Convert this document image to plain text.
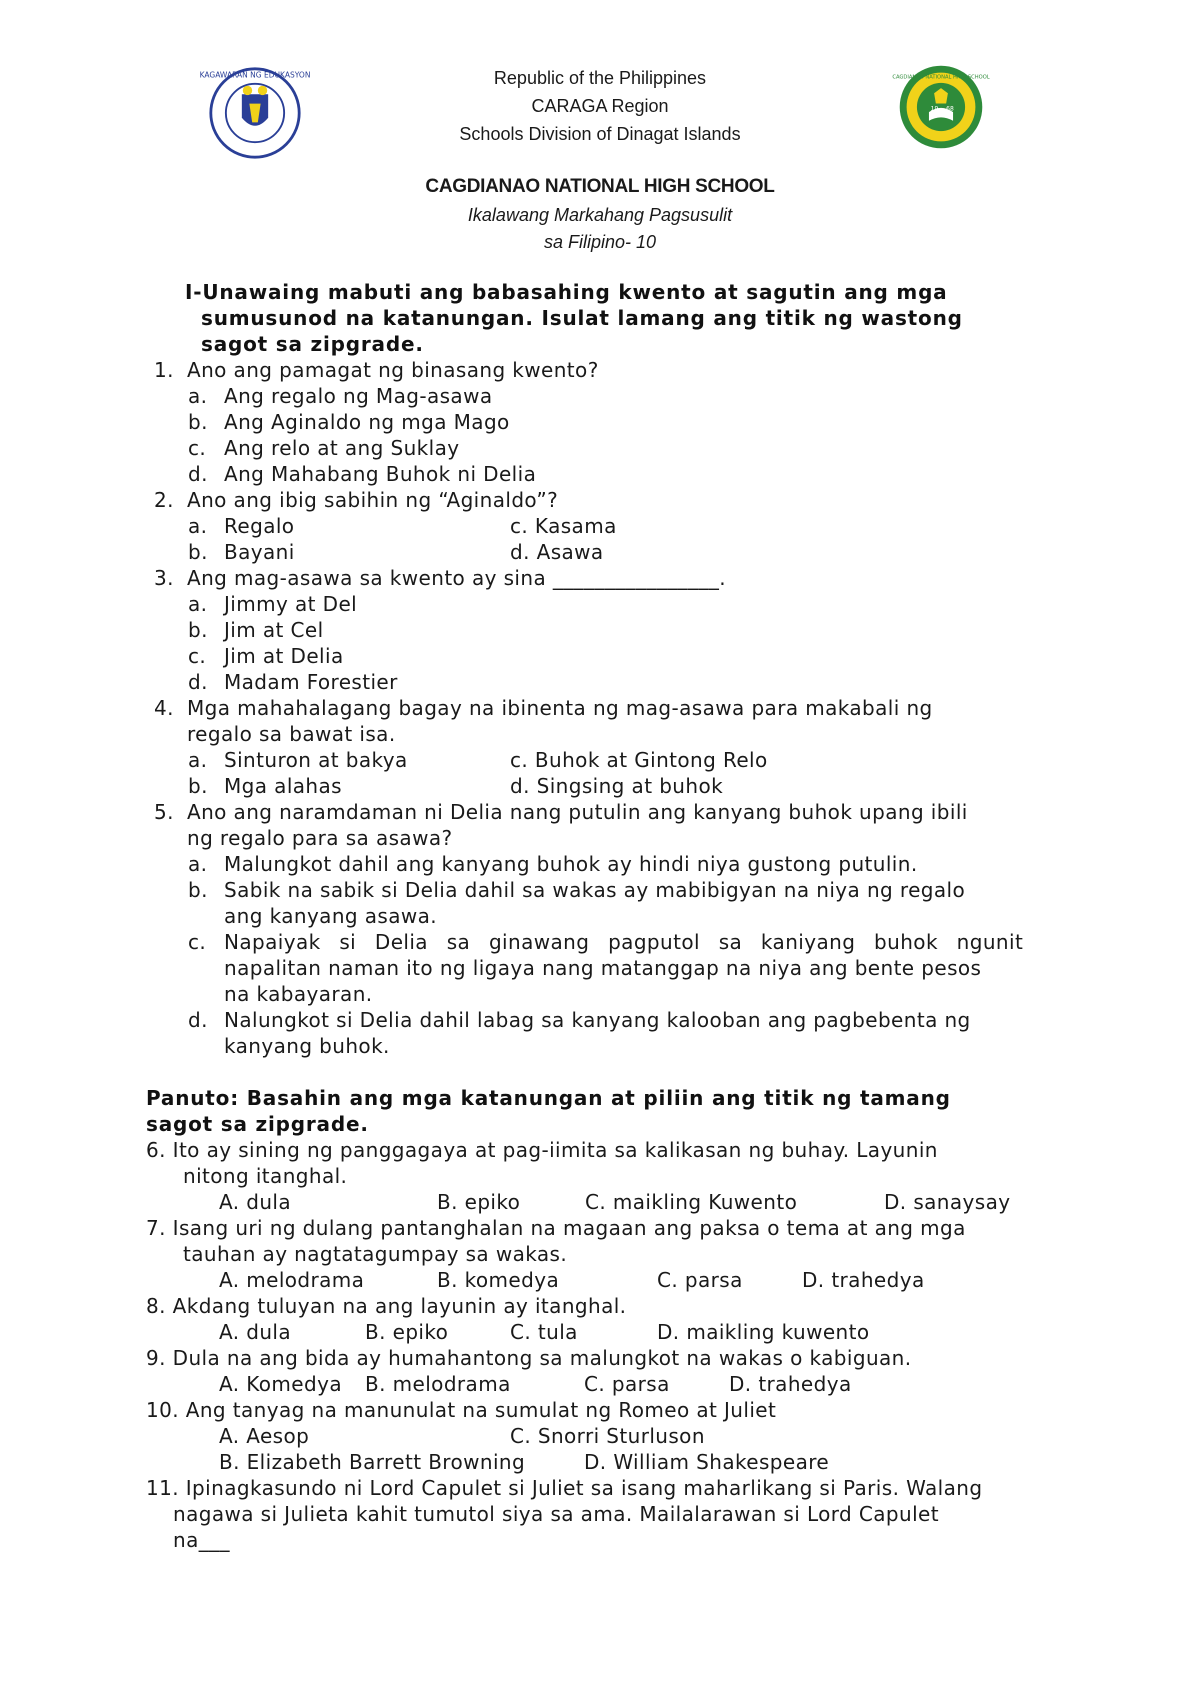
KAGAWARAN NG EDUKASYON
19 68
CAGDIANAO NATIONAL HIGH SCHOOL
Republic of the Philippines
CARAGA Region
Schools Division of Dinagat Islands
CAGDIANAO NATIONAL HIGH SCHOOL
Ikalawang Markahang Pagsusulit
sa Filipino- 10
I-Unawaing mabuti ang babasahing kwento at sagutin ang mga
sumusunod na katanungan. Isulat lamang ang titik ng wastong
sagot sa zipgrade.
1. Ano ang pamagat ng binasang kwento?
a. Ang regalo ng Mag-asawa
b. Ang Aginaldo ng mga Mago
c. Ang relo at ang Suklay
d. Ang Mahabang Buhok ni Delia
2. Ano ang ibig sabihin ng “Aginaldo”?
a. Regalo	c. Kasama
b. Bayani	d. Asawa
3. Ang mag-asawa sa kwento ay sina ________________.
a. Jimmy at Del
b. Jim at Cel
c. Jim at Delia
d. Madam Forestier
4. Mga mahahalagang bagay na ibinenta ng mag-asawa para makabali ng
regalo sa bawat isa.
a. Sinturon at bakya	c. Buhok at Gintong Relo
b. Mga alahas	d. Singsing at buhok
5. Ano ang naramdaman ni Delia nang putulin ang kanyang buhok upang ibili
ng regalo para sa asawa?
a. Malungkot dahil ang kanyang buhok ay hindi niya gustong putulin.
b. Sabik na sabik si Delia dahil sa wakas ay mabibigyan na niya ng regalo
ang kanyang asawa.
c. Napaiyak si Delia sa ginawang pagputol sa kaniyang buhok ngunit
napalitan naman ito ng ligaya nang matanggap na niya ang bente pesos
na kabayaran.
d. Nalungkot si Delia dahil labag sa kanyang kalooban ang pagbebenta ng
kanyang buhok.
Panuto: Basahin ang mga katanungan at piliin ang titik ng tamang
sagot sa zipgrade.
6. Ito ay sining ng panggagaya at pag-iimita sa kalikasan ng buhay. Layunin
nitong itanghal.
A. dula	B. epiko	C. maikling Kuwento	D. sanaysay
7. Isang uri ng dulang pantanghalan na magaan ang paksa o tema at ang mga
tauhan ay nagtatagumpay sa wakas.
A. melodrama	B. komedya	C. parsa	D. trahedya
8. Akdang tuluyan na ang layunin ay itanghal.
A. dula	B. epiko	C. tula	D. maikling kuwento
9. Dula na ang bida ay humahantong sa malungkot na wakas o kabiguan.
A. Komedya B. melodrama	C. parsa	D. trahedya
10. Ang tanyag na manunulat na sumulat ng Romeo at Juliet
A. Aesop	C. Snorri Sturluson
B. Elizabeth Barrett Browning	D. William Shakespeare
11. Ipinagkasundo ni Lord Capulet si Juliet sa isang maharlikang si Paris. Walang
nagawa si Julieta kahit tumutol siya sa ama. Mailalarawan si Lord Capulet
na___
